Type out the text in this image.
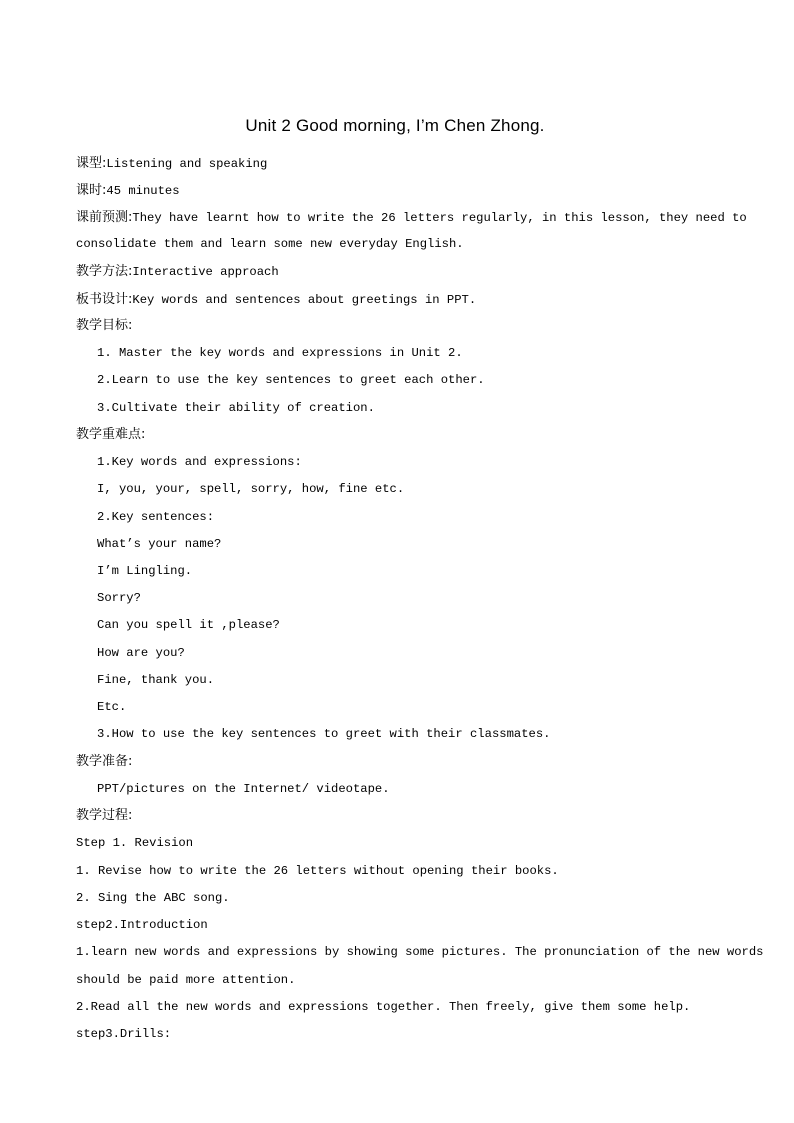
Unit 2 Good morning, I’m Chen Zhong.
课型:Listening and speaking
课时:45 minutes
课前预测:They have learnt how to write the 26 letters regularly, in this lesson, they need to
consolidate them and learn some new everyday English.
教学方法:Interactive approach
板书设计:Key words and sentences about greetings in PPT.
教学目标:
1. Master the key words and expressions in Unit 2.
2.Learn to use the key sentences to greet each other.
3.Cultivate their ability of creation.
教学重难点:
1.Key words and expressions:
I, you, your, spell, sorry, how, fine etc.
2.Key sentences:
What’s your name?
I’m Lingling.
Sorry?
Can you spell it ,please?
How are you?
Fine, thank you.
Etc.
3.How to use the key sentences to greet with their classmates.
教学准备:
PPT/pictures on the Internet/ videotape.
教学过程:
Step 1. Revision
1. Revise how to write the 26 letters without opening their books.
2. Sing the ABC song.
step2.Introduction
1.learn new words and expressions by showing some pictures. The pronunciation of the new words
should be paid more attention.
2.Read all the new words and expressions together. Then freely, give them some help.
step3.Drills:
